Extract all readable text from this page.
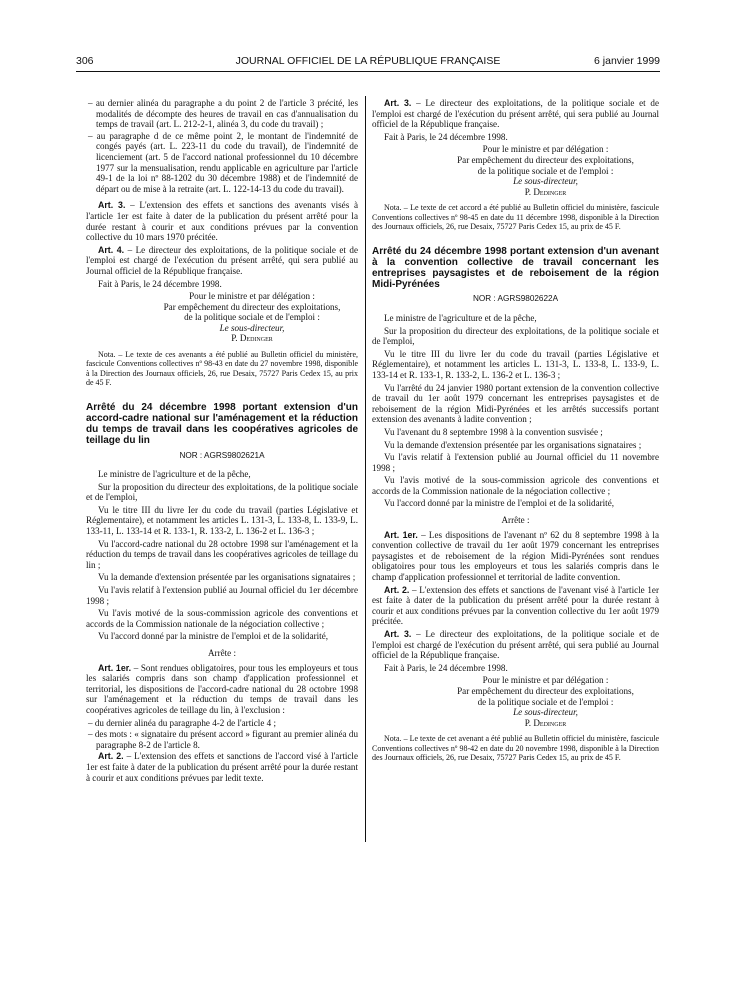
306	JOURNAL OFFICIEL DE LA RÉPUBLIQUE FRANÇAISE	6 janvier 1999

– au dernier alinéa du paragraphe a du point 2 de l'article 3 précité, les modalités de décompte des heures de travail en cas d'annualisation du temps de travail (art. L. 212-2-1, alinéa 3, du code du travail) ;

– au paragraphe d de ce même point 2, le montant de l'indemnité de congés payés (art. L. 223-11 du code du travail), de l'indemnité de licenciement (art. 5 de l'accord national professionnel du 10 décembre 1977 sur la mensualisation, rendu applicable en agriculture par l'article 49-1 de la loi nº 88-1202 du 30 décembre 1988) et de l'indemnité de départ ou de mise à la retraite (art. L. 122-14-13 du code du travail).

Art. 3. – L'extension des effets et sanctions des avenants visés à l'article 1er est faite à dater de la publication du présent arrêté pour la durée restant à courir et aux conditions prévues par la convention collective du 10 mars 1970 précitée.

Art. 4. – Le directeur des exploitations, de la politique sociale et de l'emploi est chargé de l'exécution du présent arrêté, qui sera publié au Journal officiel de la République française.

Fait à Paris, le 24 décembre 1998.

Pour le ministre et par délégation :

Par empêchement du directeur des exploitations,

de la politique sociale et de l'emploi :

Le sous-directeur,

P. Dedinger

Nota. – Le texte de ces avenants a été publié au Bulletin officiel du ministère, fascicule Conventions collectives nº 98-43 en date du 27 novembre 1998, disponible à la Direction des Journaux officiels, 26, rue Desaix, 75727 Paris Cedex 15, au prix de 45 F.

Arrêté du 24 décembre 1998 portant extension d'un accord-cadre national sur l'aménagement et la réduction du temps de travail dans les coopératives agricoles de teillage du lin

NOR : AGRS9802621A

Le ministre de l'agriculture et de la pêche,

Sur la proposition du directeur des exploitations, de la politique sociale et de l'emploi,

Vu le titre III du livre Ier du code du travail (parties Législative et Réglementaire), et notamment les articles L. 131-3, L. 133-8, L. 133-9, L. 133-11, L. 133-14 et R. 133-1, R. 133-2, L. 136-2 et L. 136-3 ;

Vu l'accord-cadre national du 28 octobre 1998 sur l'aménagement et la réduction du temps de travail dans les coopératives agricoles de teillage du lin ;

Vu la demande d'extension présentée par les organisations signataires ;

Vu l'avis relatif à l'extension publié au Journal officiel du 1er décembre 1998 ;

Vu l'avis motivé de la sous-commission agricole des conventions et accords de la Commission nationale de la négociation collective ;

Vu l'accord donné par la ministre de l'emploi et de la solidarité,

Arrête :

Art. 1er. – Sont rendues obligatoires, pour tous les employeurs et tous les salariés compris dans son champ d'application professionnel et territorial, les dispositions de l'accord-cadre national du 28 octobre 1998 sur l'aménagement et la réduction du temps de travail dans les coopératives agricoles de teillage du lin, à l'exclusion :

– du dernier alinéa du paragraphe 4-2 de l'article 4 ;

– des mots : « signataire du présent accord » figurant au premier alinéa du paragraphe 8-2 de l'article 8.

Art. 2. – L'extension des effets et sanctions de l'accord visé à l'article 1er est faite à dater de la publication du présent arrêté pour la durée restant à courir et aux conditions prévues par ledit texte.

Art. 3. – Le directeur des exploitations, de la politique sociale et de l'emploi est chargé de l'exécution du présent arrêté, qui sera publié au Journal officiel de la République française.

Fait à Paris, le 24 décembre 1998.

Pour le ministre et par délégation :

Par empêchement du directeur des exploitations,

de la politique sociale et de l'emploi :

Le sous-directeur,

P. Dedinger

Nota. – Le texte de cet accord a été publié au Bulletin officiel du ministère, fascicule Conventions collectives nº 98-45 en date du 11 décembre 1998, disponible à la Direction des Journaux officiels, 26, rue Desaix, 75727 Paris Cedex 15, au prix de 45 F.

Arrêté du 24 décembre 1998 portant extension d'un avenant à la convention collective de travail concernant les entreprises paysagistes et de reboisement de la région Midi-Pyrénées

NOR : AGRS9802622A

Le ministre de l'agriculture et de la pêche,

Sur la proposition du directeur des exploitations, de la politique sociale et de l'emploi,

Vu le titre III du livre Ier du code du travail (parties Législative et Réglementaire), et notamment les articles L. 131-3, L. 133-8, L. 133-9, L. 133-14 et R. 133-1, R. 133-2, L. 136-2 et L. 136-3 ;

Vu l'arrêté du 24 janvier 1980 portant extension de la convention collective de travail du 1er août 1979 concernant les entreprises paysagistes et de reboisement de la région Midi-Pyrénées et les arrêtés successifs portant extension des avenants à ladite convention ;

Vu l'avenant du 8 septembre 1998 à la convention susvisée ;

Vu la demande d'extension présentée par les organisations signataires ;

Vu l'avis relatif à l'extension publié au Journal officiel du 11 novembre 1998 ;

Vu l'avis motivé de la sous-commission agricole des conventions et accords de la Commission nationale de la négociation collective ;

Vu l'accord donné par la ministre de l'emploi et de la solidarité,

Arrête :

Art. 1er. – Les dispositions de l'avenant nº 62 du 8 septembre 1998 à la convention collective de travail du 1er août 1979 concernant les entreprises paysagistes et de reboisement de la région Midi-Pyrénées sont rendues obligatoires pour tous les employeurs et tous les salariés compris dans le champ d'application professionnel et territorial de ladite convention.

Art. 2. – L'extension des effets et sanctions de l'avenant visé à l'article 1er est faite à dater de la publication du présent arrêté pour la durée restant à courir et aux conditions prévues par la convention collective du 1er août 1979 précitée.

Art. 3. – Le directeur des exploitations, de la politique sociale et de l'emploi est chargé de l'exécution du présent arrêté, qui sera publié au Journal officiel de la République française.

Fait à Paris, le 24 décembre 1998.

Pour le ministre et par délégation :

Par empêchement du directeur des exploitations,

de la politique sociale et de l'emploi :

Le sous-directeur,

P. Dedinger

Nota. – Le texte de cet avenant a été publié au Bulletin officiel du ministère, fascicule Conventions collectives nº 98-42 en date du 20 novembre 1998, disponible à la Direction des Journaux officiels, 26, rue Desaix, 75727 Paris Cedex 15, au prix de 45 F.
